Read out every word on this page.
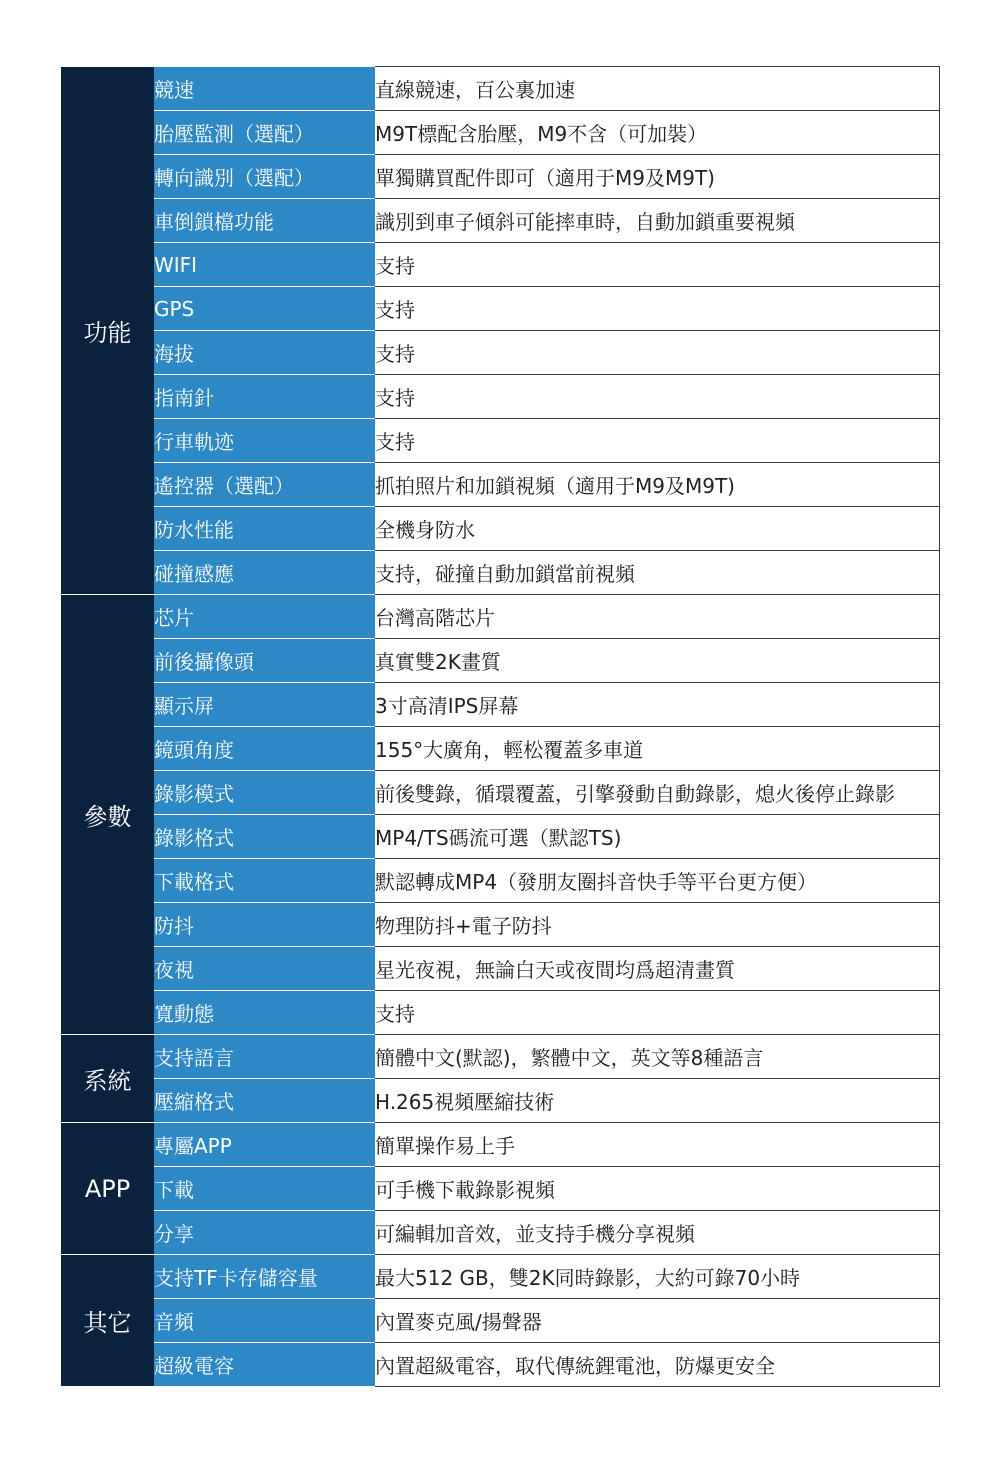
功能	競速	直線競速，百公裏加速
	胎壓監測（選配）	M9T標配含胎壓，M9不含（可加裝）
	轉向識別（選配）	單獨購買配件即可（適用于M9及M9T)
	車倒鎖檔功能	識別到車子傾斜可能摔車時，自動加鎖重要視頻
	WIFI	支持
	GPS	支持
	海拔	支持
	指南針	支持
	行車軌迹	支持
	遙控器（選配）	抓拍照片和加鎖視頻（適用于M9及M9T)
	防水性能	全機身防水
	碰撞感應	支持，碰撞自動加鎖當前視頻
參數	芯片	台灣高階芯片
	前後攝像頭	真實雙2K畫質
	顯示屏	3寸高清IPS屏幕
	鏡頭角度	155°大廣角，輕松覆蓋多車道
	錄影模式	前後雙錄，循環覆蓋，引擎發動自動錄影，熄火後停止錄影
	錄影格式	MP4/TS碼流可選（默認TS)
	下載格式	默認轉成MP4（發朋友圈抖音快手等平台更方便）
	防抖	物理防抖+電子防抖
	夜視	星光夜視，無論白天或夜間均爲超清畫質
	寬動態	支持
系統	支持語言	簡體中文(默認)，繁體中文，英文等8種語言
	壓縮格式	H.265視頻壓縮技術
APP	專屬APP	簡單操作易上手
	下載	可手機下載錄影視頻
	分享	可編輯加音效，並支持手機分享視頻
其它	支持TF卡存儲容量	最大512 GB，雙2K同時錄影，大約可錄70小時
	音頻	內置麥克風/揚聲器
	超級電容	內置超級電容，取代傳統鋰電池，防爆更安全
